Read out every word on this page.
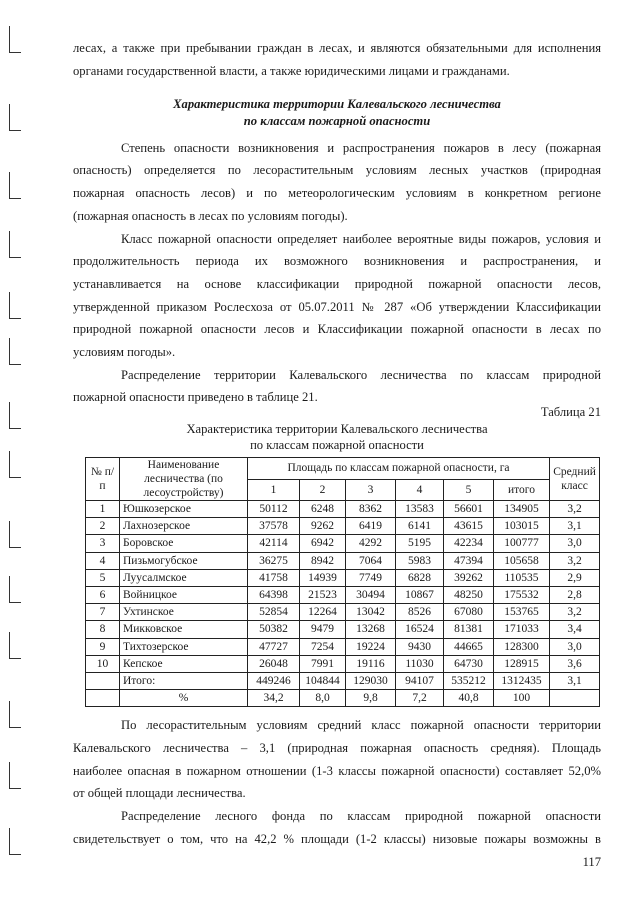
лесах, а также при пребывании граждан в лесах, и являются обязательными для исполнения

органами государственной власти, а также юридическими лицами и гражданами.

Характеристика территории Калевальского лесничества
по классам пожарной опасности

Степень опасности возникновения и распространения пожаров в лесу (пожарная

опасность) определяется по лесорастительным условиям лесных участков (природная

пожарная опасность лесов) и по метеорологическим условиям в конкретном регионе

(пожарная опасность в лесах по условиям погоды).

Класс пожарной опасности определяет наиболее вероятные виды пожаров, условия и

продолжительность периода их возможного возникновения и распространения, и

устанавливается на основе классификации природной пожарной опасности лесов,

утвержденной приказом Рослесхоза от 05.07.2011 № 287 «Об утверждении Классификации

природной пожарной опасности лесов и Классификации пожарной опасности в лесах по

условиям погоды».

Распределение территории Калевальского лесничества по классам природной

пожарной опасности приведено в таблице 21.

Таблица 21
Характеристика территории Калевальского лесничества
по классам пожарной опасности
№ п/п	Наименование лесничества (по лесоустройству)	Площадь по классам пожарной опасности, га						Средний класс
		1	2	3	4	5	итого	
1	Юшкозерское	50112	6248	8362	13583	56601	134905	3,2
2	Лахнозерское	37578	9262	6419	6141	43615	103015	3,1
3	Боровское	42114	6942	4292	5195	42234	100777	3,0
4	Пизьмогубское	36275	8942	7064	5983	47394	105658	3,2
5	Луусалмское	41758	14939	7749	6828	39262	110535	2,9
6	Войницкое	64398	21523	30494	10867	48250	175532	2,8
7	Ухтинское	52854	12264	13042	8526	67080	153765	3,2
8	Микковское	50382	9479	13268	16524	81381	171033	3,4
9	Тихтозерское	47727	7254	19224	9430	44665	128300	3,0
10	Кепское	26048	7991	19116	11030	64730	128915	3,6
	Итого:	449246	104844	129030	94107	535212	1312435	3,1
	%	34,2	8,0	9,8	7,2	40,8	100	

По лесорастительным условиям средний класс пожарной опасности территории

Калевальского лесничества – 3,1 (природная пожарная опасность средняя). Площадь

наиболее опасная в пожарном отношении (1-3 классы пожарной опасности) составляет 52,0%

от общей площади лесничества.

Распределение лесного фонда по классам природной пожарной опасности

свидетельствует о том, что на 42,2 % площади (1-2 классы) низовые пожары возможны в

117
